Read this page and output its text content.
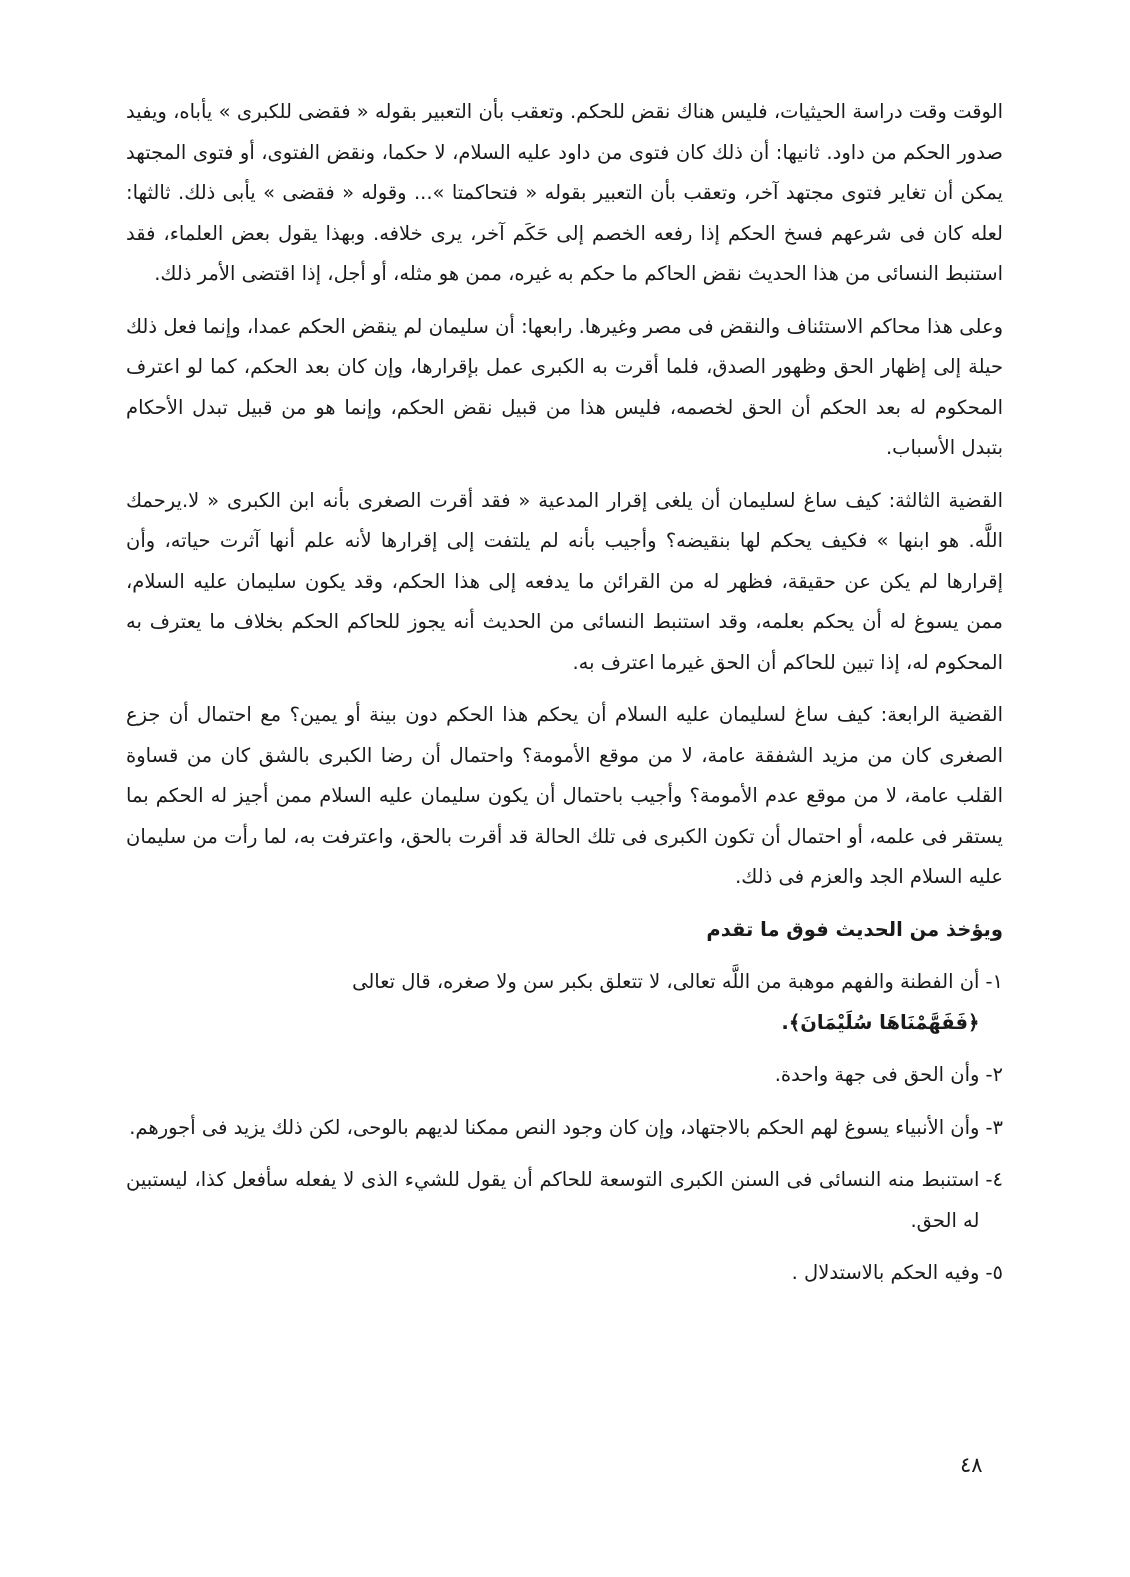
الوقت وقت دراسة الحيثيات، فليس هناك نقض للحكم. وتعقب بأن التعبير بقوله « فقضى للكبرى » يأباه، ويفيد صدور الحكم من داود. ثانيها: أن ذلك كان فتوى من داود عليه السلام، لا حكما، ونقض الفتوى، أو فتوى المجتهد يمكن أن تغاير فتوى مجتهد آخر، وتعقب بأن التعبير بقوله « فتحاكمتا »... وقوله « فقضى » يأبى ذلك. ثالثها: لعله كان فى شرعهم فسخ الحكم إذا رفعه الخصم إلى حَكَم آخر، يرى خلافه. وبهذا يقول بعض العلماء، فقد استنبط النسائى من هذا الحديث نقض الحاكم ما حكم به غيره، ممن هو مثله، أو أجل، إذا اقتضى الأمر ذلك.

وعلى هذا محاكم الاستئناف والنقض فى مصر وغيرها. رابعها: أن سليمان لم ينقض الحكم عمدا، وإنما فعل ذلك حيلة إلى إظهار الحق وظهور الصدق، فلما أقرت به الكبرى عمل بإقرارها، وإن كان بعد الحكم، كما لو اعترف المحكوم له بعد الحكم أن الحق لخصمه، فليس هذا من قبيل نقض الحكم، وإنما هو من قبيل تبدل الأحكام بتبدل الأسباب.

القضية الثالثة: كيف ساغ لسليمان أن يلغى إقرار المدعية « فقد أقرت الصغرى بأنه ابن الكبرى « لا.يرحمك اللَّه. هو ابنها » فكيف يحكم لها بنقيضه؟ وأجيب بأنه لم يلتفت إلى إقرارها لأنه علم أنها آثرت حياته، وأن إقرارها لم يكن عن حقيقة، فظهر له من القرائن ما يدفعه إلى هذا الحكم، وقد يكون سليمان عليه السلام، ممن يسوغ له أن يحكم بعلمه، وقد استنبط النسائى من الحديث أنه يجوز للحاكم الحكم بخلاف ما يعترف به المحكوم له، إذا تبين للحاكم أن الحق غيرما اعترف به.

القضية الرابعة: كيف ساغ لسليمان عليه السلام أن يحكم هذا الحكم دون بينة أو يمين؟ مع احتمال أن جزع الصغرى كان من مزيد الشفقة عامة، لا من موقع الأمومة؟ واحتمال أن رضا الكبرى بالشق كان من قساوة القلب عامة، لا من موقع عدم الأمومة؟ وأجيب باحتمال أن يكون سليمان عليه السلام ممن أجيز له الحكم بما يستقر فى علمه، أو احتمال أن تكون الكبرى فى تلك الحالة قد أقرت بالحق، واعترفت به، لما رأت من سليمان عليه السلام الجد والعزم فى ذلك.

ويؤخذ من الحديث فوق ما تقدم
١-
أن الفطنة والفهم موهبة من اللَّه تعالى، لا تتعلق بكبر سن ولا صغره، قال تعالى
﴿فَفَهَّمْنَاهَا سُلَيْمَانَ﴾.
٢-
وأن الحق فى جهة واحدة.
٣-
وأن الأنبياء يسوغ لهم الحكم بالاجتهاد، وإن كان وجود النص ممكنا لديهم بالوحى، لكن ذلك يزيد فى أجورهم.
٤-
استنبط منه النسائى فى السنن الكبرى التوسعة للحاكم أن يقول للشيء الذى لا يفعله سأفعل كذا، ليستبين له الحق.
٥-
وفيه الحكم بالاستدلال .
٤٨
